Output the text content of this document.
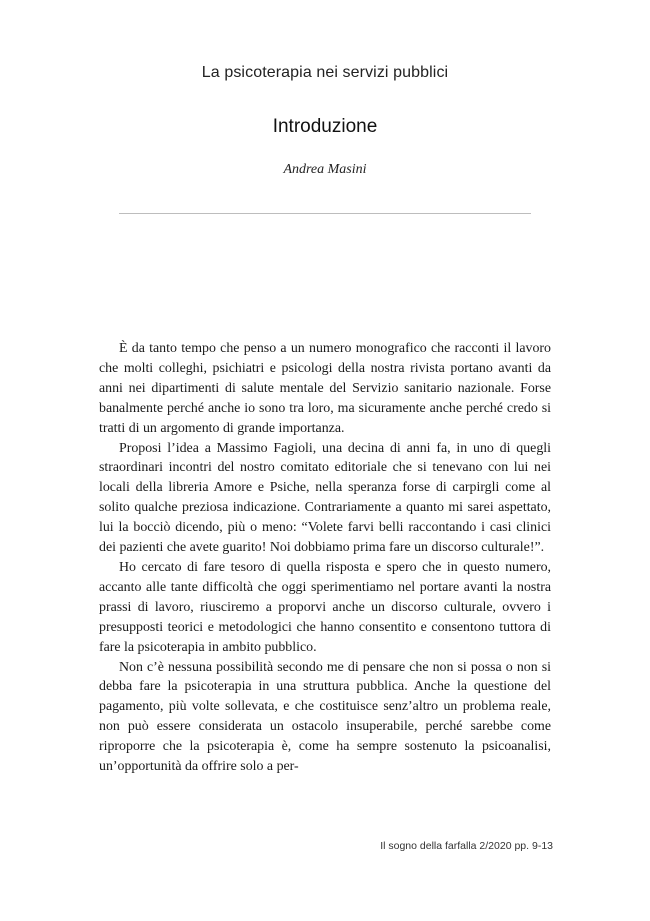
La psicoterapia nei servizi pubblici
Introduzione
Andrea Masini

È da tanto tempo che penso a un numero monografico che racconti il lavoro che molti colleghi, psichiatri e psicologi della nostra rivista portano avanti da anni nei dipartimenti di salute mentale del Servizio sanitario nazionale. Forse banalmente perché anche io sono tra loro, ma sicuramente anche perché credo si tratti di un argomento di grande importanza.

Proposi l’idea a Massimo Fagioli, una decina di anni fa, in uno di quegli straordinari incontri del nostro comitato editoriale che si tenevano con lui nei locali della libreria Amore e Psiche, nella speranza forse di carpirgli come al solito qualche preziosa indicazione. Contrariamente a quanto mi sarei aspettato, lui la bocciò dicendo, più o meno: “Volete farvi belli raccontando i casi clinici dei pazienti che avete guarito! Noi dobbiamo prima fare un discorso culturale!”.

Ho cercato di fare tesoro di quella risposta e spero che in questo numero, accanto alle tante difficoltà che oggi sperimentiamo nel portare avanti la nostra prassi di lavoro, riusciremo a proporvi anche un discorso culturale, ovvero i presupposti teorici e metodologici che hanno consentito e consentono tuttora di fare la psicoterapia in ambito pubblico.

Non c’è nessuna possibilità secondo me di pensare che non si possa o non si debba fare la psicoterapia in una struttura pubblica. Anche la questione del pagamento, più volte sollevata, e che costituisce senz’altro un problema reale, non può essere considerata un ostacolo insuperabile, perché sarebbe come riproporre che la psicoterapia è, come ha sempre sostenuto la psicoanalisi, un’opportunità da offrire solo a per-

Il sogno della farfalla 2/2020 pp. 9-13
